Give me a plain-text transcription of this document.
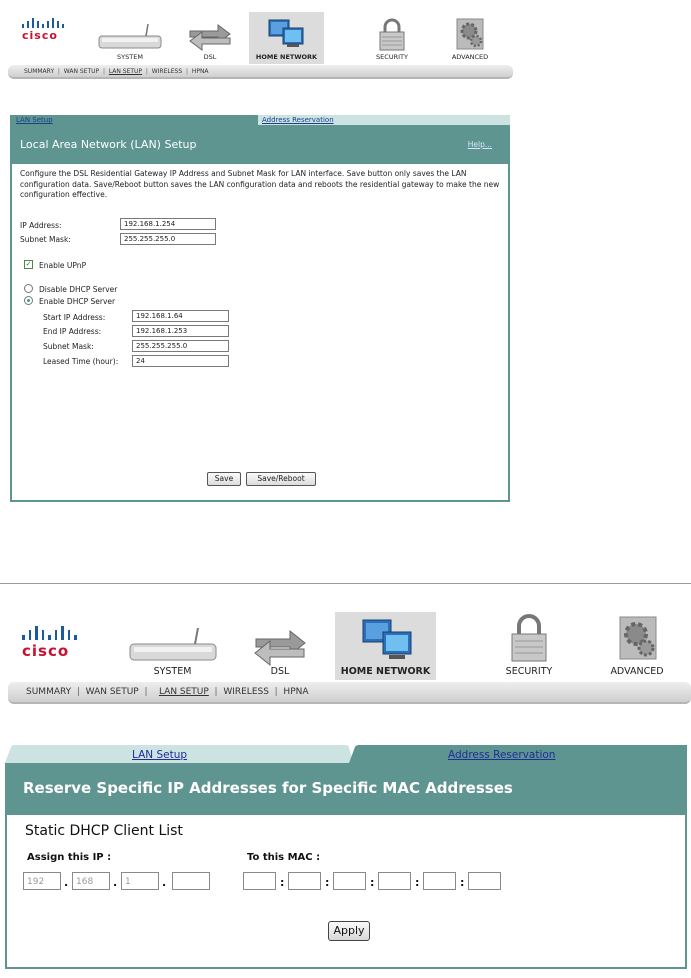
cisco
SYSTEM	DSL	HOME NETWORK	SECURITY	ADVANCED
SUMMARY | WAN SETUP | LAN SETUP | WIRELESS | HPNA
LAN Setup	Address Reservation
Local Area Network (LAN) Setup	Help...
Configure the DSL Residential Gateway IP Address and Subnet Mask for LAN interface. Save button only saves the LAN configuration data. Save/Reboot button saves the LAN configuration data and reboots the residential gateway to make the new configuration effective.
IP Address:	192.168.1.254
Subnet Mask:	255.255.255.0
✓ Enable UPnP
Disable DHCP Server
Enable DHCP Server
Start IP Address:	192.168.1.64
End IP Address:	192.168.1.253
Subnet Mask:	255.255.255.0
Leased Time (hour):	24
Save	Save/Reboot
cisco
SYSTEM	DSL	HOME NETWORK	SECURITY	ADVANCED
SUMMARY | WAN SETUP | LAN SETUP | WIRELESS | HPNA
LAN Setup	Address Reservation
Reserve Specific IP Addresses for Specific MAC Addresses
Static DHCP Client List
Assign this IP :	To this MAC :
192	. 168	. 1	.	:	:	:	:	:
Apply
